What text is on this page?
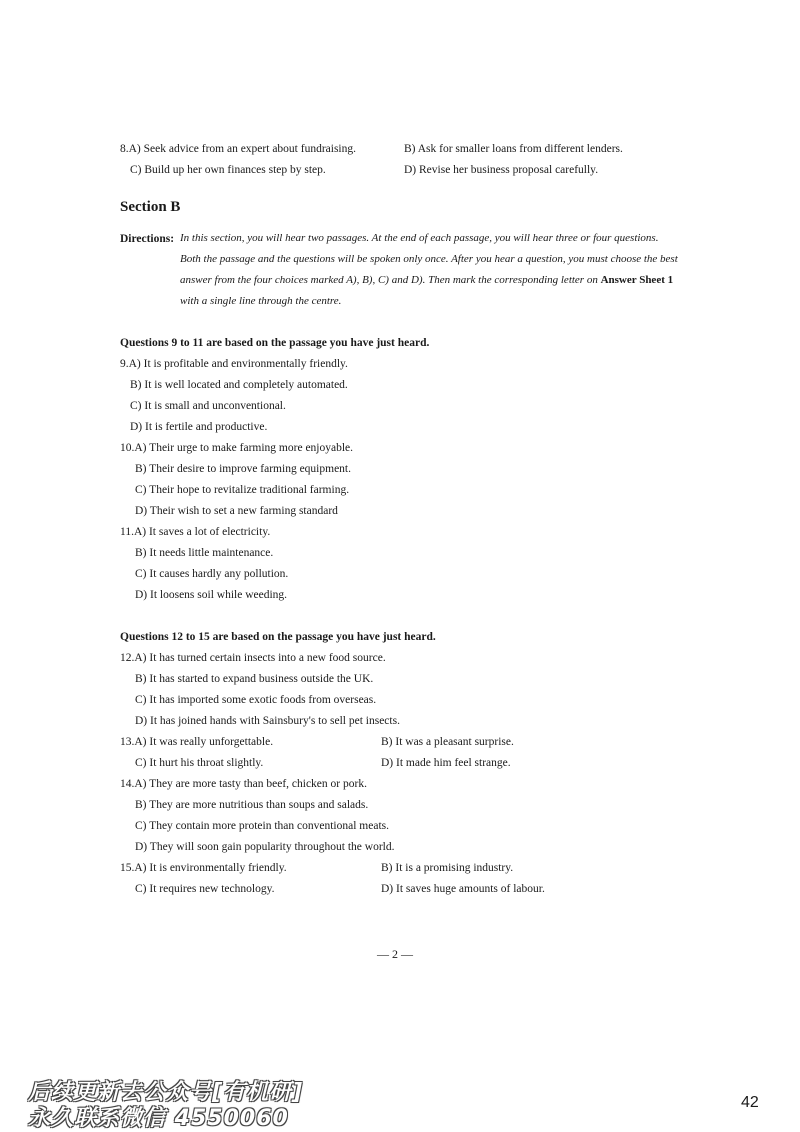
8.A) Seek advice from an expert about fundraising.	B) Ask for smaller loans from different lenders.
C) Build up her own finances step by step.	D) Revise her business proposal carefully.
Section B
Directions: In this section, you will hear two passages. At the end of each passage, you will hear three or four questions. Both the passage and the questions will be spoken only once. After you hear a question, you must choose the best answer from the four choices marked A), B), C) and D). Then mark the corresponding letter on Answer Sheet 1 with a single line through the centre.
Questions 9 to 11 are based on the passage you have just heard.
9.A) It is profitable and environmentally friendly.
B) It is well located and completely automated.
C) It is small and unconventional.
D) It is fertile and productive.
10.A) Their urge to make farming more enjoyable.
B) Their desire to improve farming equipment.
C) Their hope to revitalize traditional farming.
D) Their wish to set a new farming standard
11.A) It saves a lot of electricity.
B) It needs little maintenance.
C) It causes hardly any pollution.
D) It loosens soil while weeding.
Questions 12 to 15 are based on the passage you have just heard.
12.A) It has turned certain insects into a new food source.
B) It has started to expand business outside the UK.
C) It has imported some exotic foods from overseas.
D) It has joined hands with Sainsbury's to sell pet insects.
13.A) It was really unforgettable.	B) It was a pleasant surprise.
C) It hurt his throat slightly.	D) It made him feel strange.
14.A) They are more tasty than beef, chicken or pork.
B) They are more nutritious than soups and salads.
C) They contain more protein than conventional meats.
D) They will soon gain popularity throughout the world.
15.A) It is environmentally friendly.	B) It is a promising industry.
C) It requires new technology.	D) It saves huge amounts of labour.
— 2 —
后续更新去公众号[有机研]
永久联系微信 4550060
42
